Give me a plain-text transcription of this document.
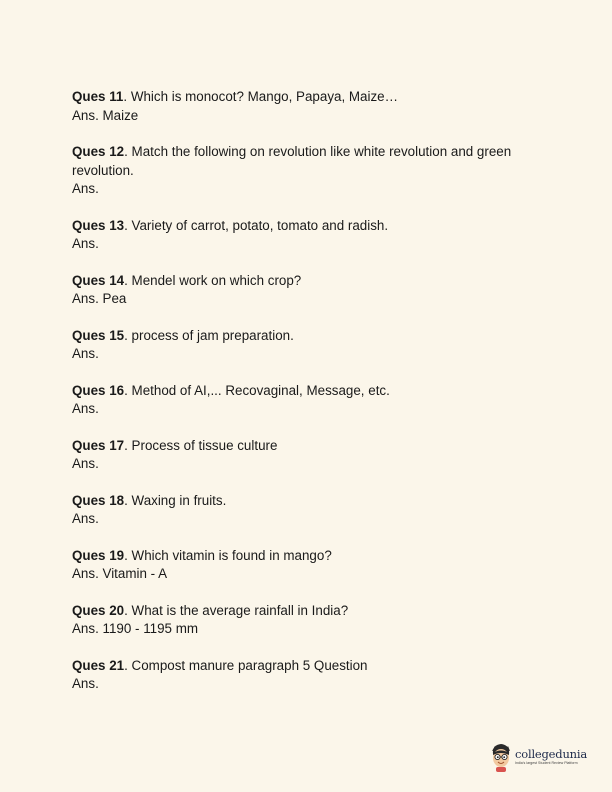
Ques 11. Which is monocot? Mango, Papaya, Maize…
Ans. Maize
Ques 12. Match the following on revolution like white revolution and green revolution.
Ans.
Ques 13. Variety of carrot, potato, tomato and radish.
Ans.
Ques 14. Mendel work on which crop?
Ans. Pea
Ques 15. process of jam preparation.
Ans.
Ques 16. Method of AI,... Recovaginal, Message, etc.
Ans.
Ques 17. Process of tissue culture
Ans.
Ques 18. Waxing in fruits.
Ans.
Ques 19. Which vitamin is found in mango?
Ans. Vitamin - A
Ques 20. What is the average rainfall in India?
Ans. 1190 - 1195 mm
Ques 21. Compost manure paragraph 5 Question
Ans.
collegedunia
India's largest Student Review Platform
